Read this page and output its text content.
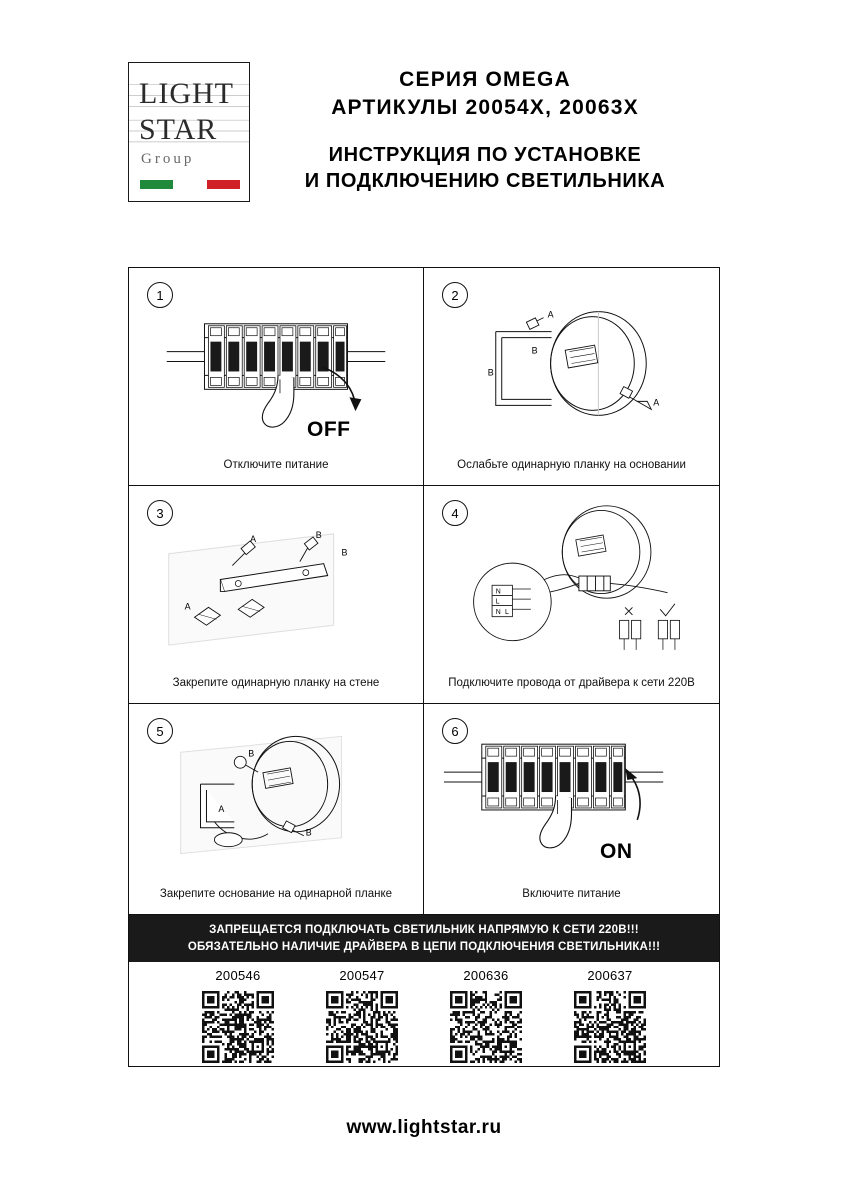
LIGHT
STAR
Group
СЕРИЯ OMEGA
АРТИКУЛЫ 20054X, 20063X
ИНСТРУКЦИЯ ПО УСТАНОВКЕ
И ПОДКЛЮЧЕНИЮ СВЕТИЛЬНИКА
1
OFF
Отключите питание
2
A
B
B
A
Ослабьте одинарную планку на основании
3
A	B
B
A
Закрепите одинарную планку на стене
4
N
L
N L
Подключите провода от драйвера к сети 220В
5
B
A
B
Закрепите основание на одинарной планке
6
ON
Включите питание
ЗАПРЕЩАЕТСЯ ПОДКЛЮЧАТЬ СВЕТИЛЬНИК НАПРЯМУЮ К СЕТИ 220В!!!
ОБЯЗАТЕЛЬНО НАЛИЧИЕ ДРАЙВЕРА В ЦЕПИ ПОДКЛЮЧЕНИЯ СВЕТИЛЬНИКА!!!
200546	200547	200636	200637
www.lightstar.ru
